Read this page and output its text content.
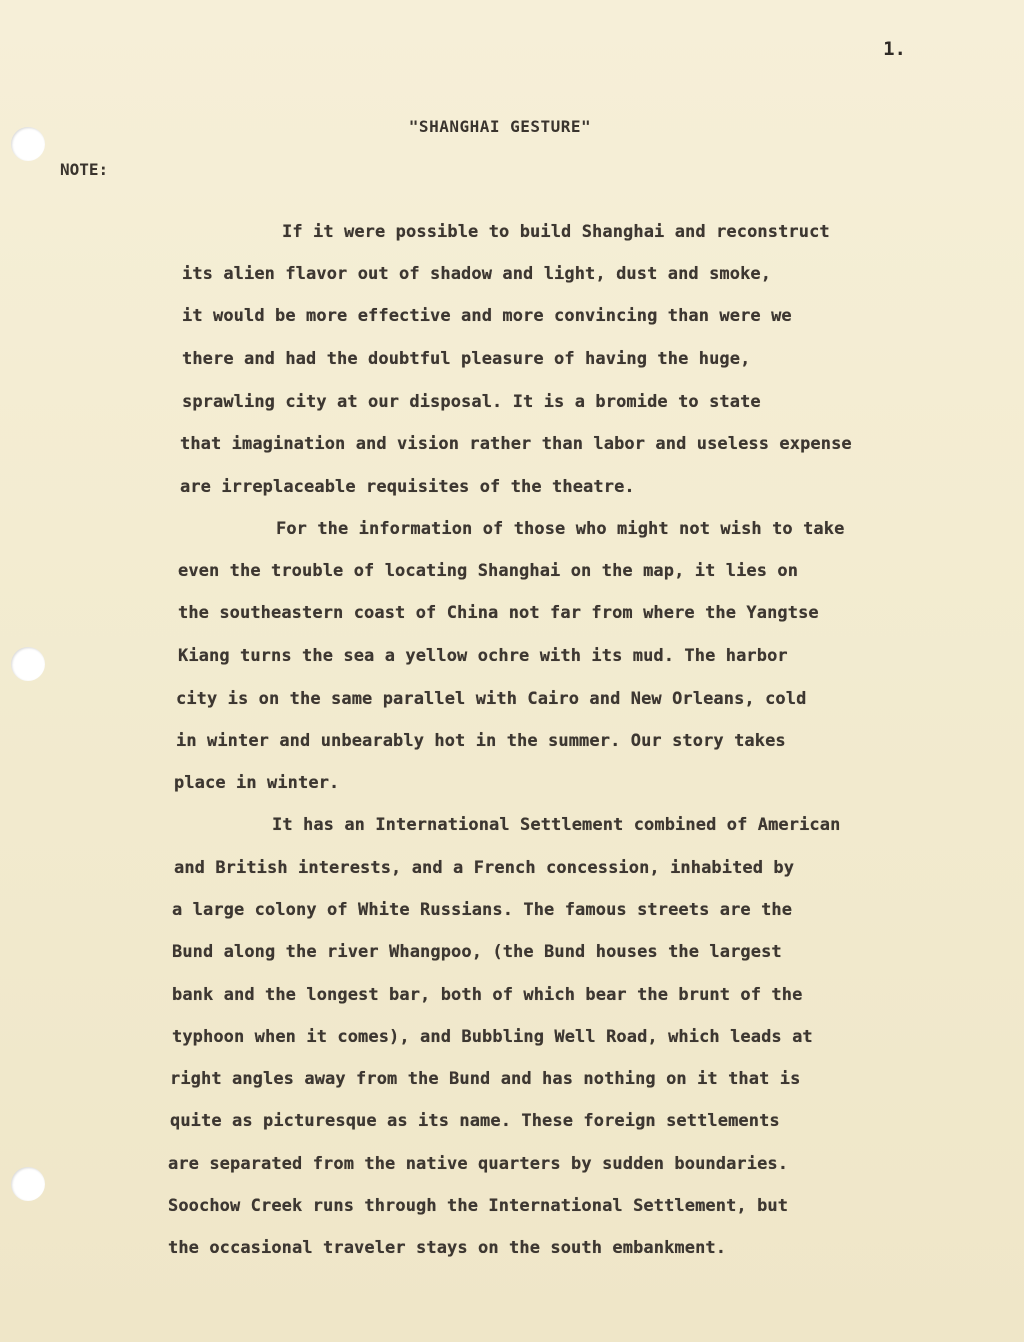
1.
"SHANGHAI GESTURE"
NOTE:
If it were possible to build Shanghai and reconstruct
its alien flavor out of shadow and light, dust and smoke,
it would be more effective and more convincing than were we
there and had the doubtful pleasure of having the huge,
sprawling city at our disposal. It is a bromide to state
that imagination and vision rather than labor and useless expense
are irreplaceable requisites of the theatre.
For the information of those who might not wish to take
even the trouble of locating Shanghai on the map, it lies on
the southeastern coast of China not far from where the Yangtse
Kiang turns the sea a yellow ochre with its mud. The harbor
city is on the same parallel with Cairo and New Orleans, cold
in winter and unbearably hot in the summer. Our story takes
place in winter.
It has an International Settlement combined of American
and British interests, and a French concession, inhabited by
a large colony of White Russians. The famous streets are the
Bund along the river Whangpoo, (the Bund houses the largest
bank and the longest bar, both of which bear the brunt of the
typhoon when it comes), and Bubbling Well Road, which leads at
right angles away from the Bund and has nothing on it that is
quite as picturesque as its name. These foreign settlements
are separated from the native quarters by sudden boundaries.
Soochow Creek runs through the International Settlement, but
the occasional traveler stays on the south embankment.
